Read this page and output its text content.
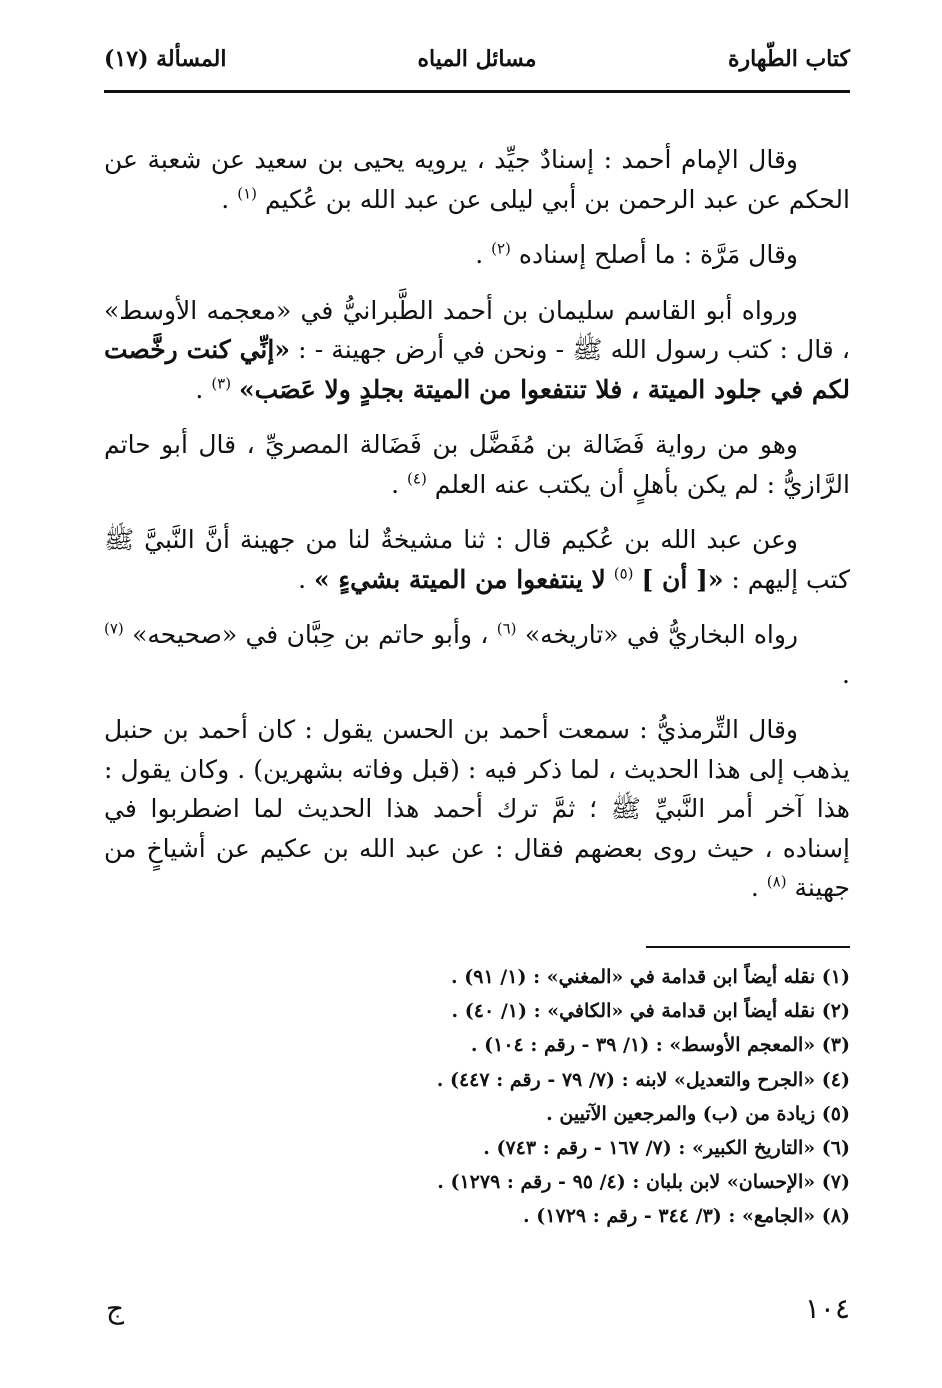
كتاب الطّهارة
مسائل المياه
المسألة (١٧)

وقال الإمام أحمد : إسنادٌ جيِّد ، يرويه يحيى بن سعيد عن شعبة عن الحكم عن عبد الرحمن بن أبي ليلى عن عبد الله بن عُكيم $^{(١)}$ .

وقال مَرَّة : ما أصلح إسناده $^{(٢)}$ .

ورواه أبو القاسم سليمان بن أحمد الطَّبرانيُّ في «معجمه الأوسط» ، قال : كتب رسول الله ﷺ - ونحن في أرض جهينة - : «إنِّي كنت رخَّصت لكم في جلود الميتة ، فلا تنتفعوا من الميتة بجلدٍ ولا عَصَب» $^{(٣)}$ .

وهو من رواية فَضَالة بن مُفَضَّل بن فَضَالة المصريِّ ، قال أبو حاتم الرَّازيُّ : لم يكن بأهلٍ أن يكتب عنه العلم $^{(٤)}$ .

وعن عبد الله بن عُكيم قال : ثنا مشيخةٌ لنا من جهينة أنَّ النَّبيَّ ﷺ كتب إليهم : «[ أن ] $^{(٥)}$ لا ينتفعوا من الميتة بشيءٍ » .

رواه البخاريُّ في «تاريخه» $^{(٦)}$ ، وأبو حاتم بن حِبَّان في «صحيحه» $^{(٧)}$ .

وقال التِّرمذيُّ : سمعت أحمد بن الحسن يقول : كان أحمد بن حنبل يذهب إلى هذا الحديث ، لما ذكر فيه : (قبل وفاته بشهرين) . وكان يقول : هذا آخر أمر النَّبيِّ ﷺ ؛ ثمَّ ترك أحمد هذا الحديث لما اضطربوا في إسناده ، حيث روى بعضهم فقال : عن عبد الله بن عكيم عن أشياخٍ من جهينة $^{(٨)}$ .

(١) نقله أيضاً ابن قدامة في «المغني» : (١/ ٩١) .
(٢) نقله أيضاً ابن قدامة في «الكافي» : (١/ ٤٠) .
(٣) «المعجم الأوسط» : (١/ ٣٩ - رقم : ١٠٤) .
(٤) «الجرح والتعديل» لابنه : (٧/ ٧٩ - رقم : ٤٤٧) .
(٥) زيادة من (ب) والمرجعين الآتيين .
(٦) «التاريخ الكبير» : (٧/ ١٦٧ - رقم : ٧٤٣) .
(٧) «الإحسان» لابن بلبان : (٤/ ٩٥ - رقم : ١٢٧٩) .
(٨) «الجامع» : (٣/ ٣٤٤ - رقم : ١٧٢٩) .
١٠٤
ج
